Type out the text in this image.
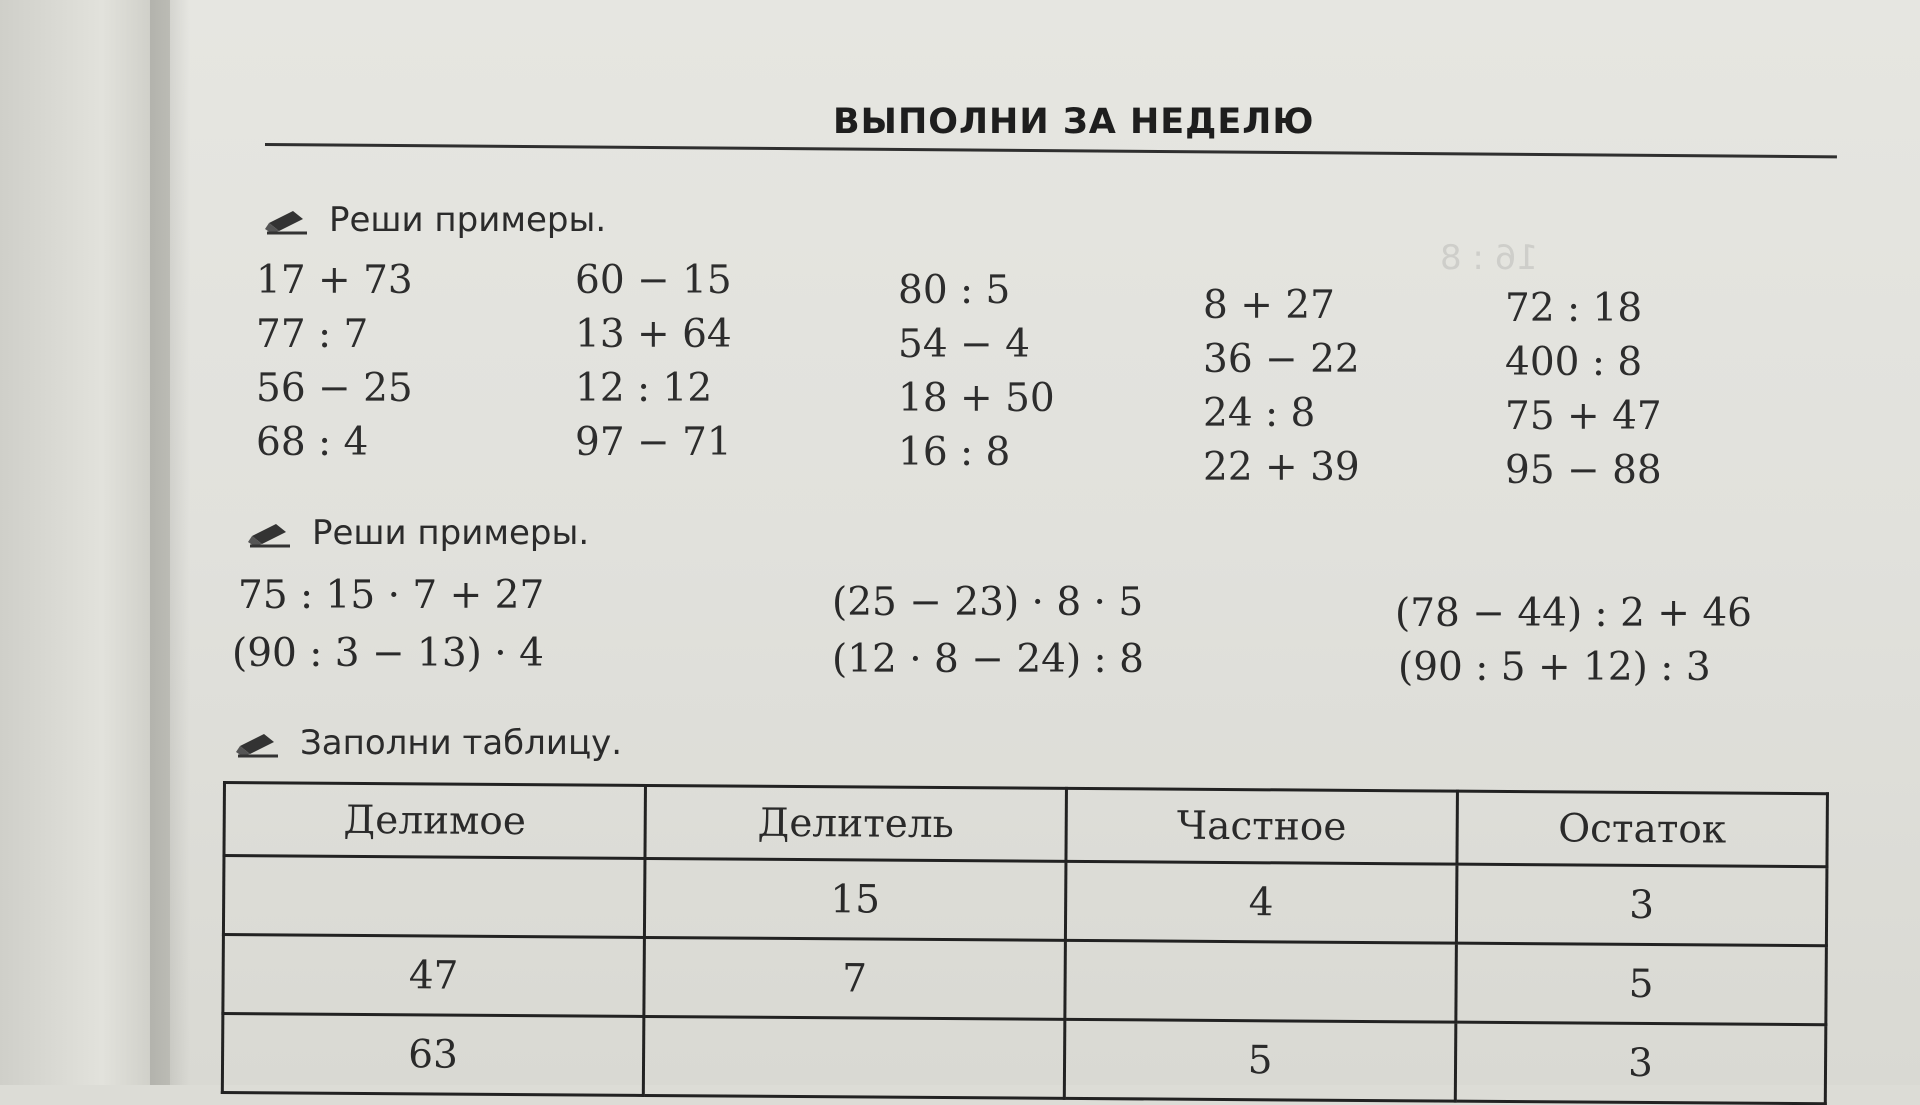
16 : 8
ВЫПОЛНИ ЗА НЕДЕЛЮ
Реши примеры.
17 + 73
77 : 7
56 − 25
68 : 4
60 − 15
13 + 64
12 : 12
97 − 71
80 : 5
54 − 4
18 + 50
16 : 8
8 + 27
36 − 22
24 : 8
22 + 39
72 : 18
400 : 8
75 + 47
95 − 88
Реши примеры.
75 : 15 · 7 + 27
(90 : 3 − 13) · 4
(25 − 23) · 8 · 5
(12 · 8 − 24) : 8
(78 − 44) : 2 + 46
(90 : 5 + 12) : 3
Заполни таблицу.
Делимое	Делитель	Частное	Остаток
	15	4	3
47	7		5
63		5	3
